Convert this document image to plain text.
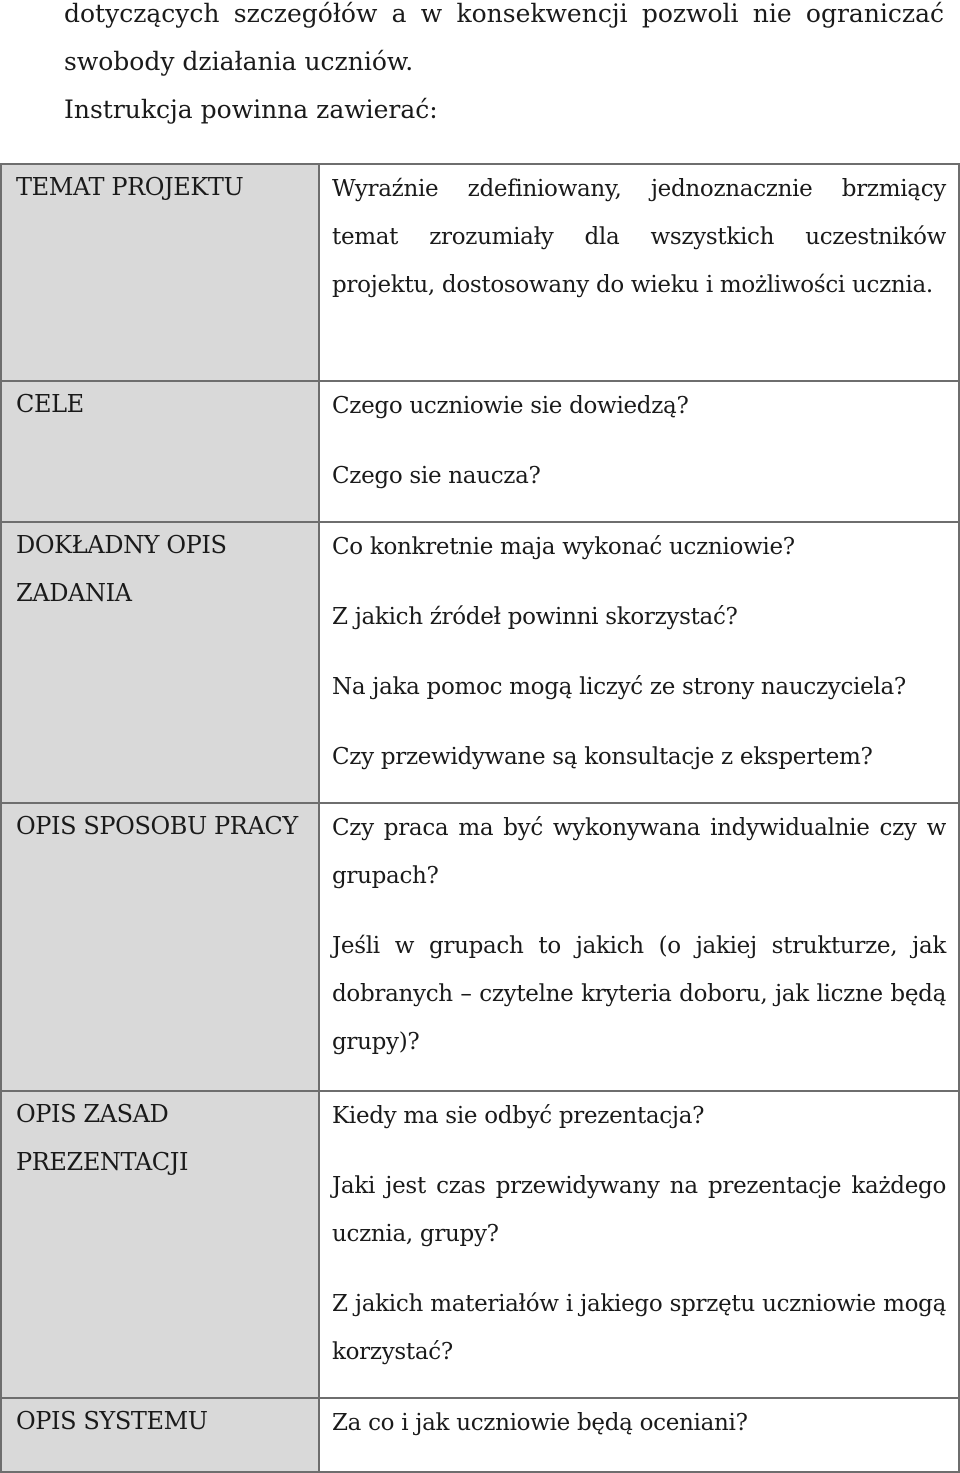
dotyczących szczegółów a w konsekwencji pozwoli nie ograniczać

swobody działania uczniów.

Instrukcja powinna zawierać:

TEMAT PROJEKTU	Wyraźnie zdefiniowany, jednoznacznie brzmiący temat zrozumiały dla wszystkich uczestników projektu, dostosowany do wieku i możliwości ucznia.

CELE	Czego uczniowie sie dowiedzą?

Czego sie naucza?

DOKŁADNY OPIS ZADANIA	Co konkretnie maja wykonać uczniowie?

Z jakich źródeł powinni skorzystać?

Na jaka pomoc mogą liczyć ze strony nauczyciela?

Czy przewidywane są konsultacje z ekspertem?

OPIS SPOSOBU PRACY	Czy praca ma być wykonywana indywidualnie czy w grupach?

Jeśli w grupach to jakich (o jakiej strukturze, jak dobranych – czytelne kryteria doboru, jak liczne będą grupy)?

OPIS ZASAD PREZENTACJI	Kiedy ma sie odbyć prezentacja?

Jaki jest czas przewidywany na prezentacje każdego ucznia, grupy?

Z jakich materiałów i jakiego sprzętu uczniowie mogą korzystać?

OPIS SYSTEMU	Za co i jak uczniowie będą oceniani?
